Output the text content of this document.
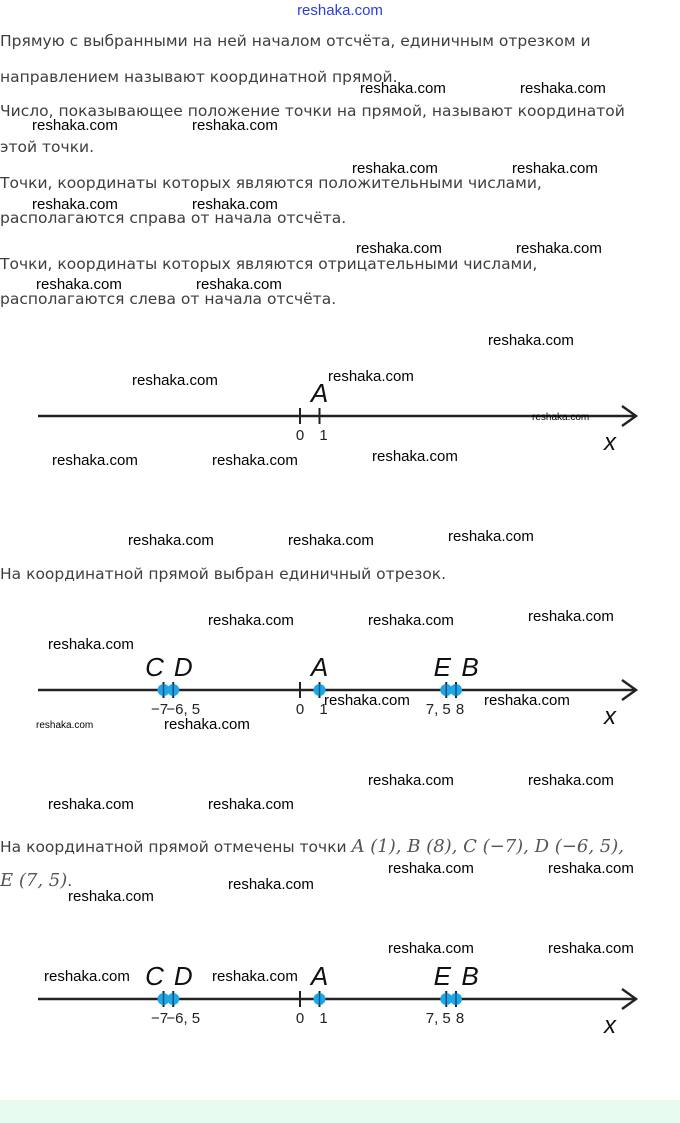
reshaka.com

Прямую с выбранными на ней началом отсчёта, единичным отрезком и

направлением называют координатной прямой.

Число, показывающее положение точки на прямой, называют координатой

этой точки.

Точки, координаты которых являются положительными числами,

располагаются справа от начала отсчёта.

Точки, координаты которых являются отрицательными числами,

располагаются слева от начала отсчёта.

На координатной прямой выбран единичный отрезок.

На координатной прямой отмечены точки A (1), B (8), C (−7), D (−6, 5),

E (7, 5).

x
A
0 1
x
C D	A	E B
−7
−6, 5	0 1	7, 5 8
x
C D	A	E B
−7
−6, 5	0 1	7, 5 8
reshaka.com	reshaka.com
reshaka.com	reshaka.com
reshaka.com	reshaka.com
reshaka.com	reshaka.com
reshaka.com	reshaka.com
reshaka.com	reshaka.com
reshaka.com
reshaka.com	reshaka.com
reshaka.com	reshaka.com	reshaka.com
reshaka.com	reshaka.com	reshaka.com
reshaka.com	reshaka.com	reshaka.com
reshaka.com
reshaka.com	reshaka.com
reshaka.com
reshaka.com	reshaka.com
reshaka.com	reshaka.com
reshaka.com	reshaka.com
reshaka.com
reshaka.com
reshaka.com	reshaka.com
reshaka.com	reshaka.com
reshaka.com
reshaka.com
